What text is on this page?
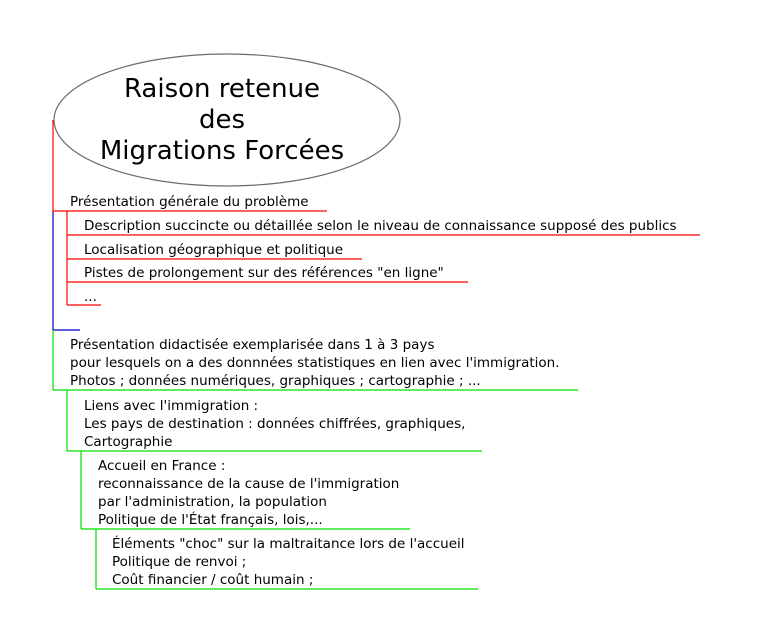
Raison retenue
des
Migrations Forcées
Présentation générale du problème
Description succincte ou détaillée selon le niveau de connaissance supposé des publics
Localisation géographique et politique
Pistes de prolongement sur des références "en ligne"
...
Présentation didactisée exemplarisée dans 1 à 3 pays
pour lesquels on a des donnnées statistiques en lien avec l'immigration.
Photos ; données numériques, graphiques ; cartographie ; ...
Liens avec l'immigration :
Les pays de destination : données chiffrées, graphiques,
Cartographie
Accueil en France :
reconnaissance de la cause de l'immigration
par l'administration, la population
Politique de l'État français, lois,...
Éléments "choc" sur la maltraitance lors de l'accueil
Politique de renvoi ;
Coût financier / coût humain ;
